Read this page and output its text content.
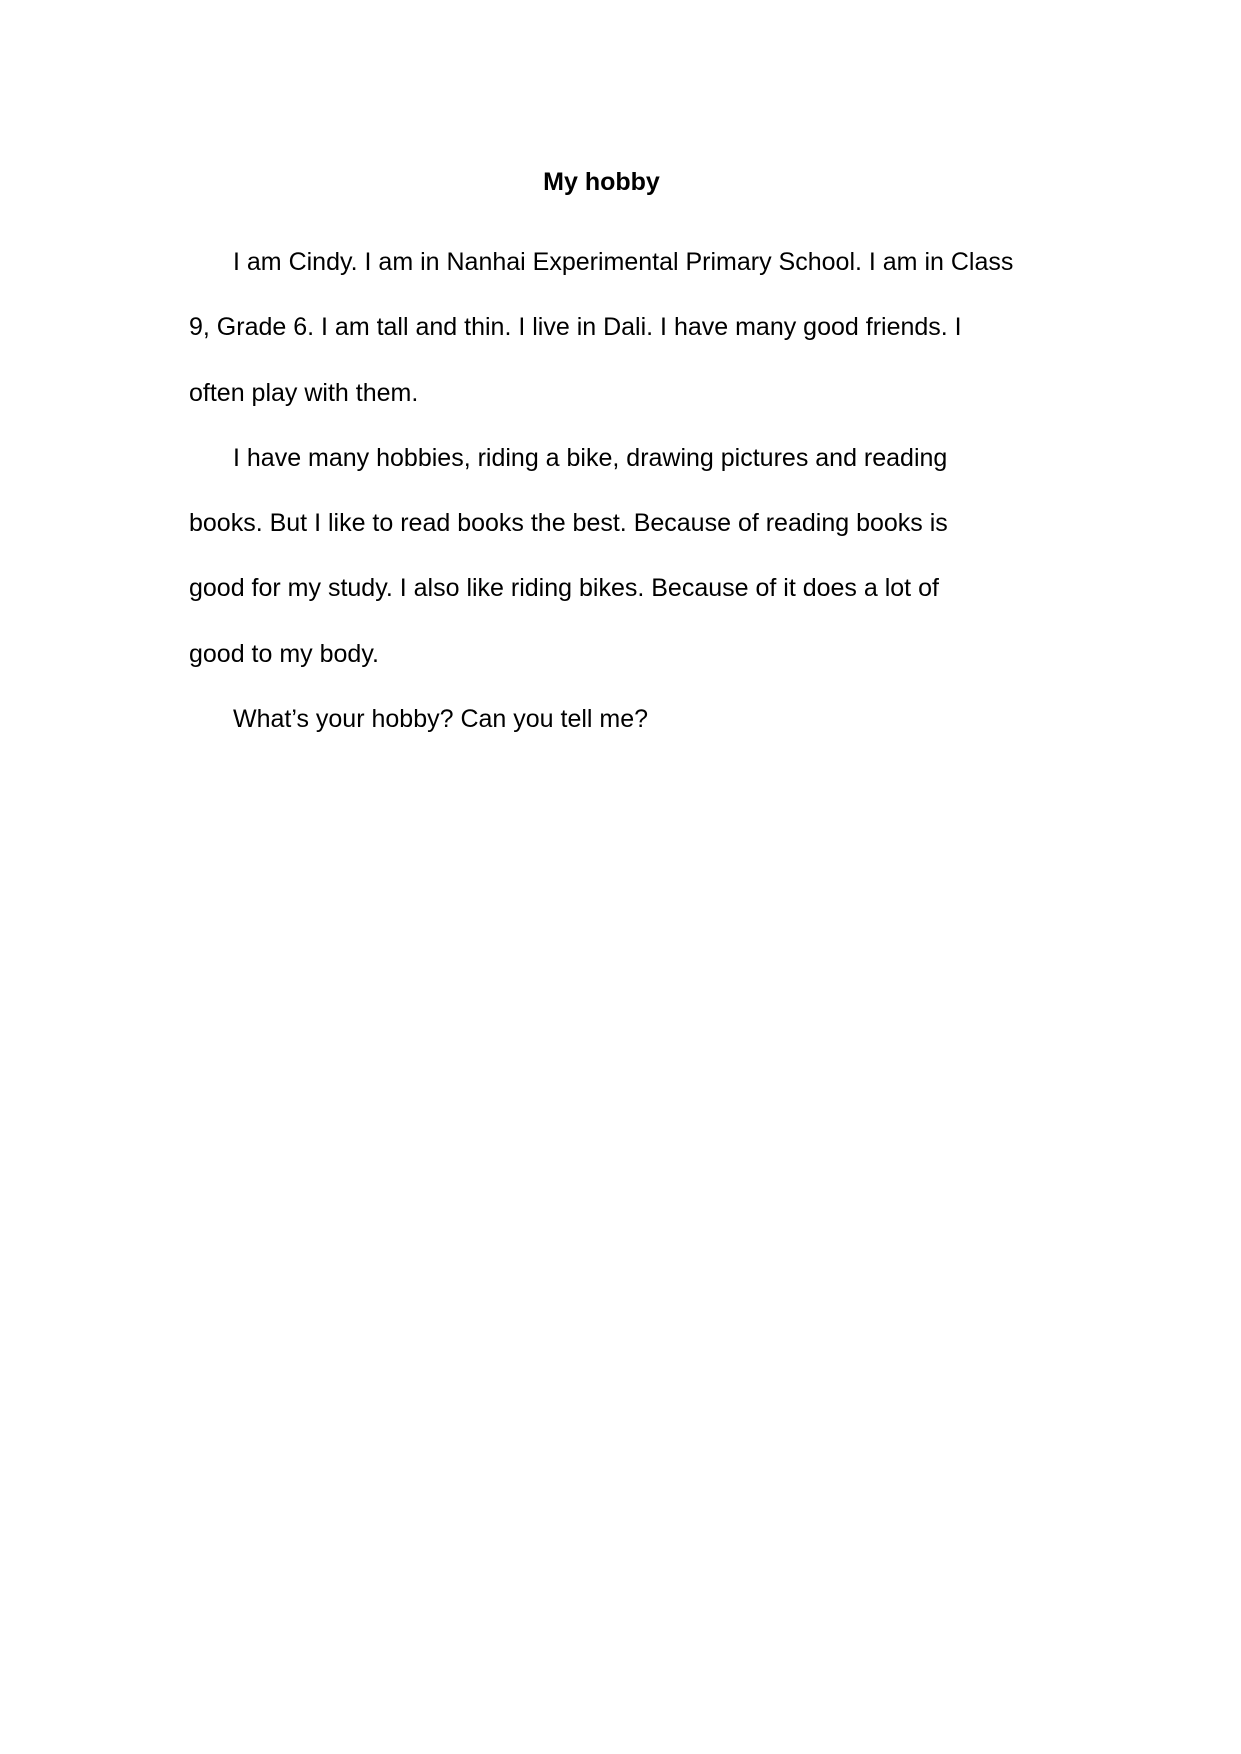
My hobby

I am Cindy. I am in Nanhai Experimental Primary School. I am in Class
9, Grade 6. I am tall and thin. I live in Dali. I have many good friends. I
often play with them.

I have many hobbies, riding a bike, drawing pictures and reading
books. But I like to read books the best. Because of reading books is
good for my study. I also like riding bikes. Because of it does a lot of
good to my body.

What’s your hobby? Can you tell me?
